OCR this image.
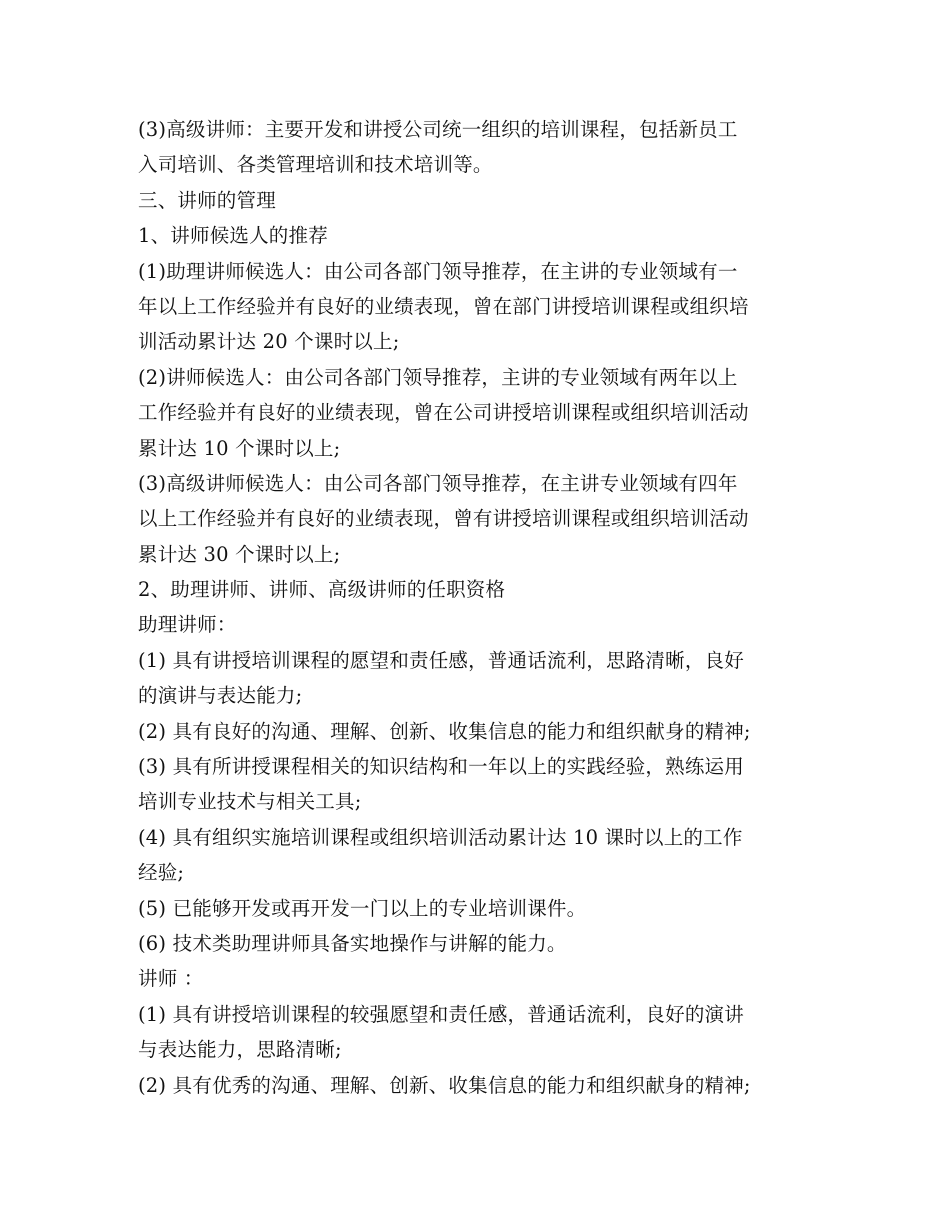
(3)高级讲师：主要开发和讲授公司统一组织的培训课程，包括新员工
入司培训、各类管理培训和技术培训等。
三、讲师的管理
1、讲师候选人的推荐
(1)助理讲师候选人：由公司各部门领导推荐，在主讲的专业领域有一
年以上工作经验并有良好的业绩表现，曾在部门讲授培训课程或组织培
训活动累计达 20 个课时以上;
(2)讲师候选人：由公司各部门领导推荐，主讲的专业领域有两年以上
工作经验并有良好的业绩表现，曾在公司讲授培训课程或组织培训活动
累计达 10 个课时以上;
(3)高级讲师候选人：由公司各部门领导推荐，在主讲专业领域有四年
以上工作经验并有良好的业绩表现，曾有讲授培训课程或组织培训活动
累计达 30 个课时以上;
2、助理讲师、讲师、高级讲师的任职资格
助理讲师：
(1) 具有讲授培训课程的愿望和责任感，普通话流利，思路清晰，良好
的演讲与表达能力;
(2) 具有良好的沟通、理解、创新、收集信息的能力和组织献身的精神;
(3) 具有所讲授课程相关的知识结构和一年以上的实践经验，熟练运用
培训专业技术与相关工具;
(4) 具有组织实施培训课程或组织培训活动累计达 10 课时以上的工作
经验;
(5) 已能够开发或再开发一门以上的专业培训课件。
(6) 技术类助理讲师具备实地操作与讲解的能力。
讲师 ：
(1) 具有讲授培训课程的较强愿望和责任感，普通话流利，良好的演讲
与表达能力，思路清晰;
(2) 具有优秀的沟通、理解、创新、收集信息的能力和组织献身的精神;
